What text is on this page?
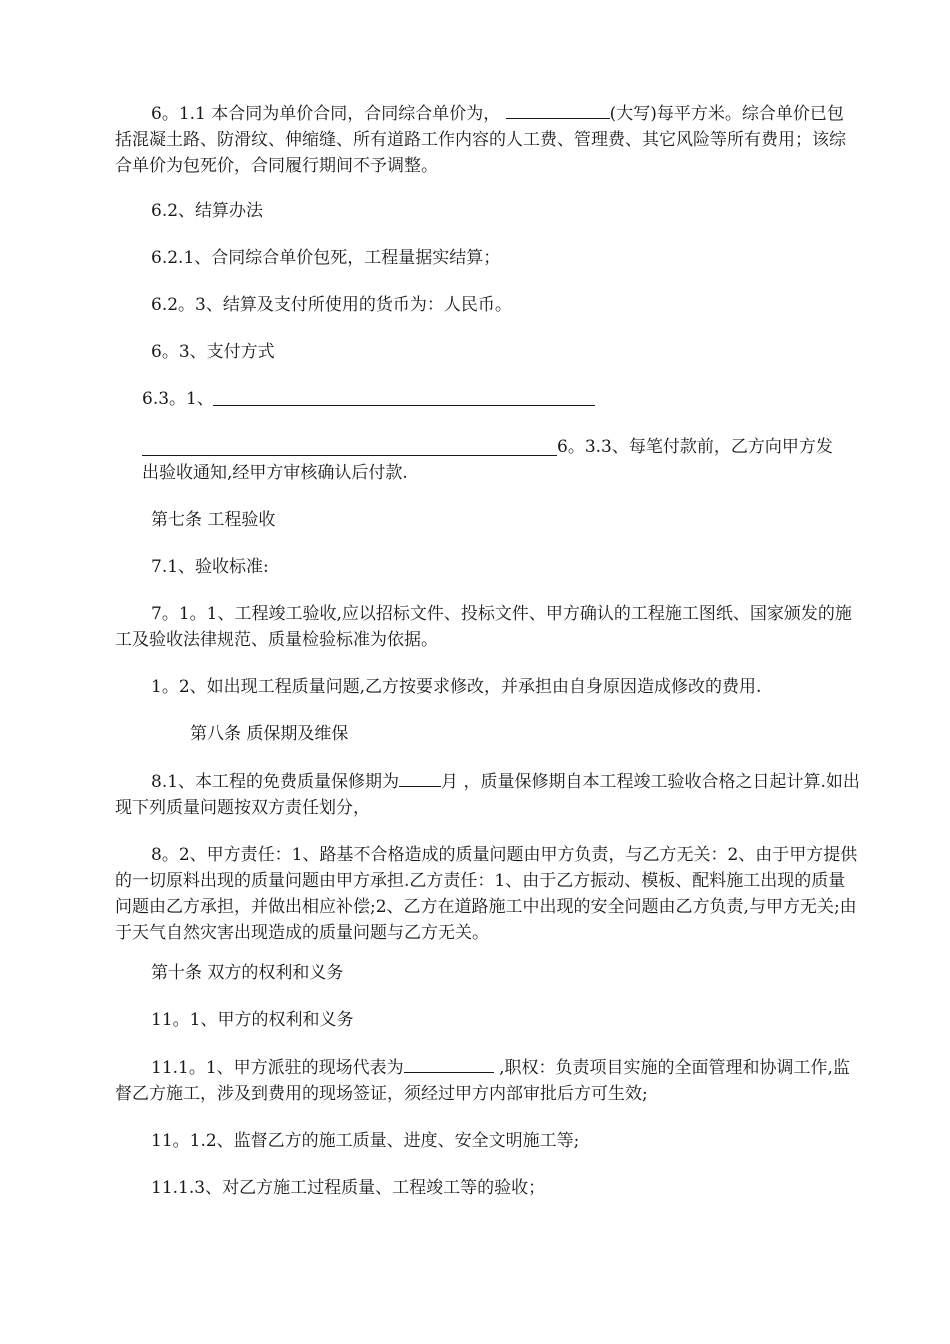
6。1.1 本合同为单价合同，合同综合单价为，	(大写)每平方米。综合单价已包括混凝土路、防滑纹、伸缩缝、所有道路工作内容的人工费、管理费、其它风险等所有费用；该综合单价为包死价，合同履行期间不予调整。

6.2、结算办法

6.2.1、合同综合单价包死，工程量据实结算；

6.2。3、结算及支付所使用的货币为：人民币。

6。3、支付方式

6.3。1、

6。3.3、每笔付款前，乙方向甲方发

出验收通知,经甲方审核确认后付款.

第七条 工程验收

7.1、验收标准:

7。1。1、工程竣工验收,应以招标文件、投标文件、甲方确认的工程施工图纸、国家颁发的施工及验收法律规范、质量检验标准为依据。

1。2、如出现工程质量问题,乙方按要求修改，并承担由自身原因造成修改的费用.

第八条 质保期及维保

8.1、本工程的免费质量保修期为 月 ，质量保修期自本工程竣工验收合格之日起计算.如出现下列质量问题按双方责任划分，

8。2、甲方责任：1、路基不合格造成的质量问题由甲方负责，与乙方无关：2、由于甲方提供的一切原料出现的质量问题由甲方承担.乙方责任：1、由于乙方振动、模板、配料施工出现的质量问题由乙方承担，并做出相应补偿;2、乙方在道路施工中出现的安全问题由乙方负责,与甲方无关;由于天气自然灾害出现造成的质量问题与乙方无关。

第十条 双方的权利和义务

11。1、甲方的权利和义务

11.1。1、甲方派驻的现场代表为	,职权：负责项目实施的全面管理和协调工作,监督乙方施工，涉及到费用的现场签证，须经过甲方内部审批后方可生效;

11。1.2、监督乙方的施工质量、进度、安全文明施工等;

11.1.3、对乙方施工过程质量、工程竣工等的验收；
